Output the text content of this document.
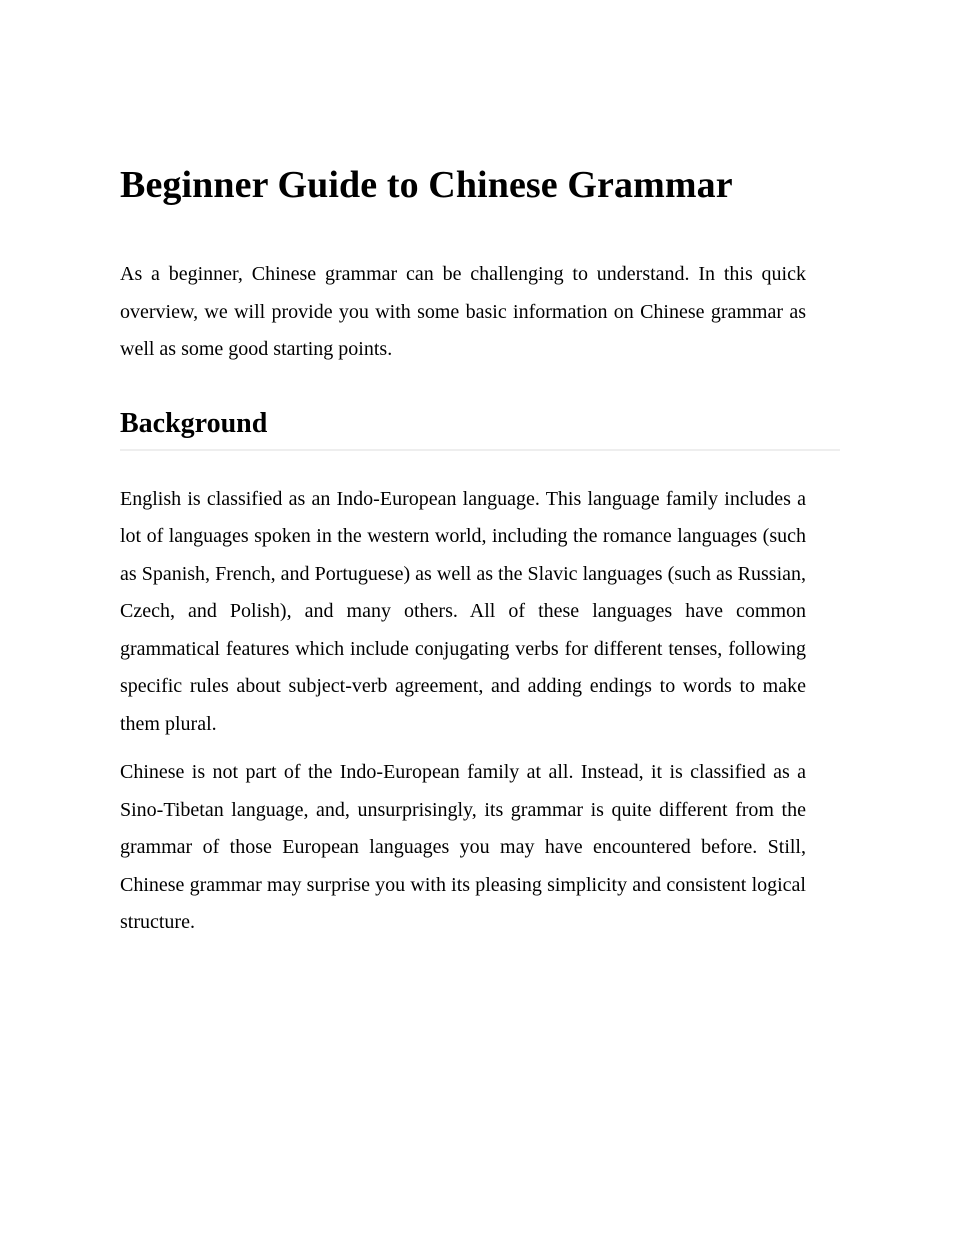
Beginner Guide to Chinese Grammar

As a beginner, Chinese grammar can be challenging to understand. In this quick overview, we will provide you with some basic information on Chinese grammar as well as some good starting points.

Background

English is classified as an Indo-European language. This language family includes a lot of languages spoken in the western world, including the romance languages (such as Spanish, French, and Portuguese) as well as the Slavic languages (such as Russian, Czech, and Polish), and many others. All of these languages have common grammatical features which include conjugating verbs for different tenses, following specific rules about subject-verb agreement, and adding endings to words to make them plural.

Chinese is not part of the Indo-European family at all. Instead, it is classified as a Sino-Tibetan language, and, unsurprisingly, its grammar is quite different from the grammar of those European languages you may have encountered before. Still, Chinese grammar may surprise you with its pleasing simplicity and consistent logical structure.
